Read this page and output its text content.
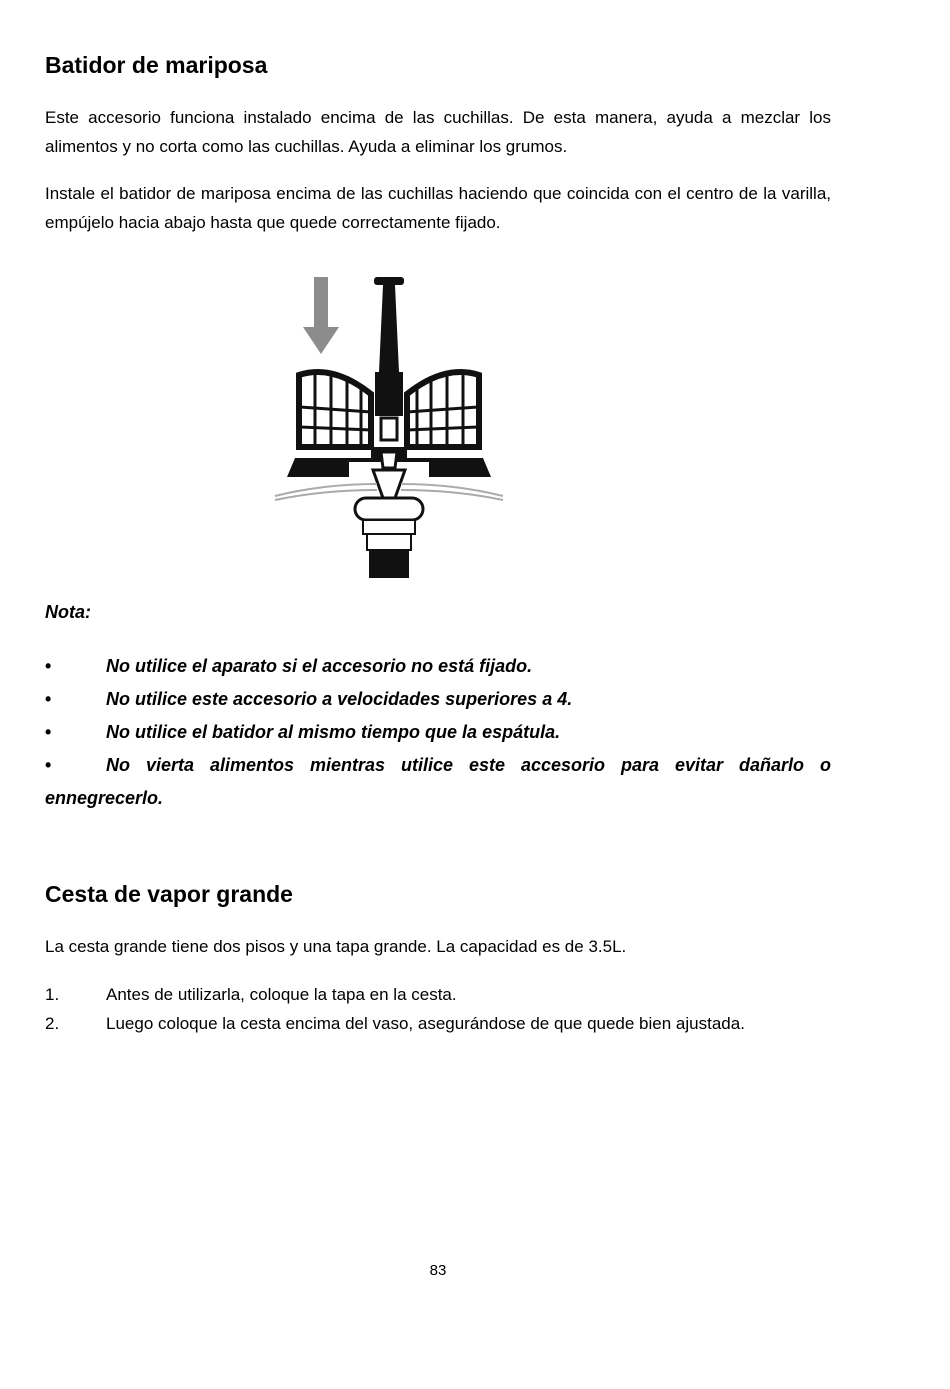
Batidor de mariposa

Este accesorio funciona instalado encima de las cuchillas. De esta manera, ayuda a mezclar los alimentos y no corta como las cuchillas. Ayuda a eliminar los grumos.

Instale el batidor de mariposa encima de las cuchillas haciendo que coincida con el centro de la varilla, empújelo hacia abajo hasta que quede correctamente fijado.

Nota:
•	No utilice el aparato si el accesorio no está fijado.
•	No utilice este accesorio a velocidades superiores a 4.
•	No utilice el batidor al mismo tiempo que la espátula.
•	No vierta alimentos mientras utilice este accesorio para evitar dañarlo o ennegrecerlo.
Cesta de vapor grande

La cesta grande tiene dos pisos y una tapa grande. La capacidad es de 3.5L.

1.	Antes de utilizarla, coloque la tapa en la cesta.
2.	Luego coloque la cesta encima del vaso, asegurándose de que quede bien ajustada.
83
